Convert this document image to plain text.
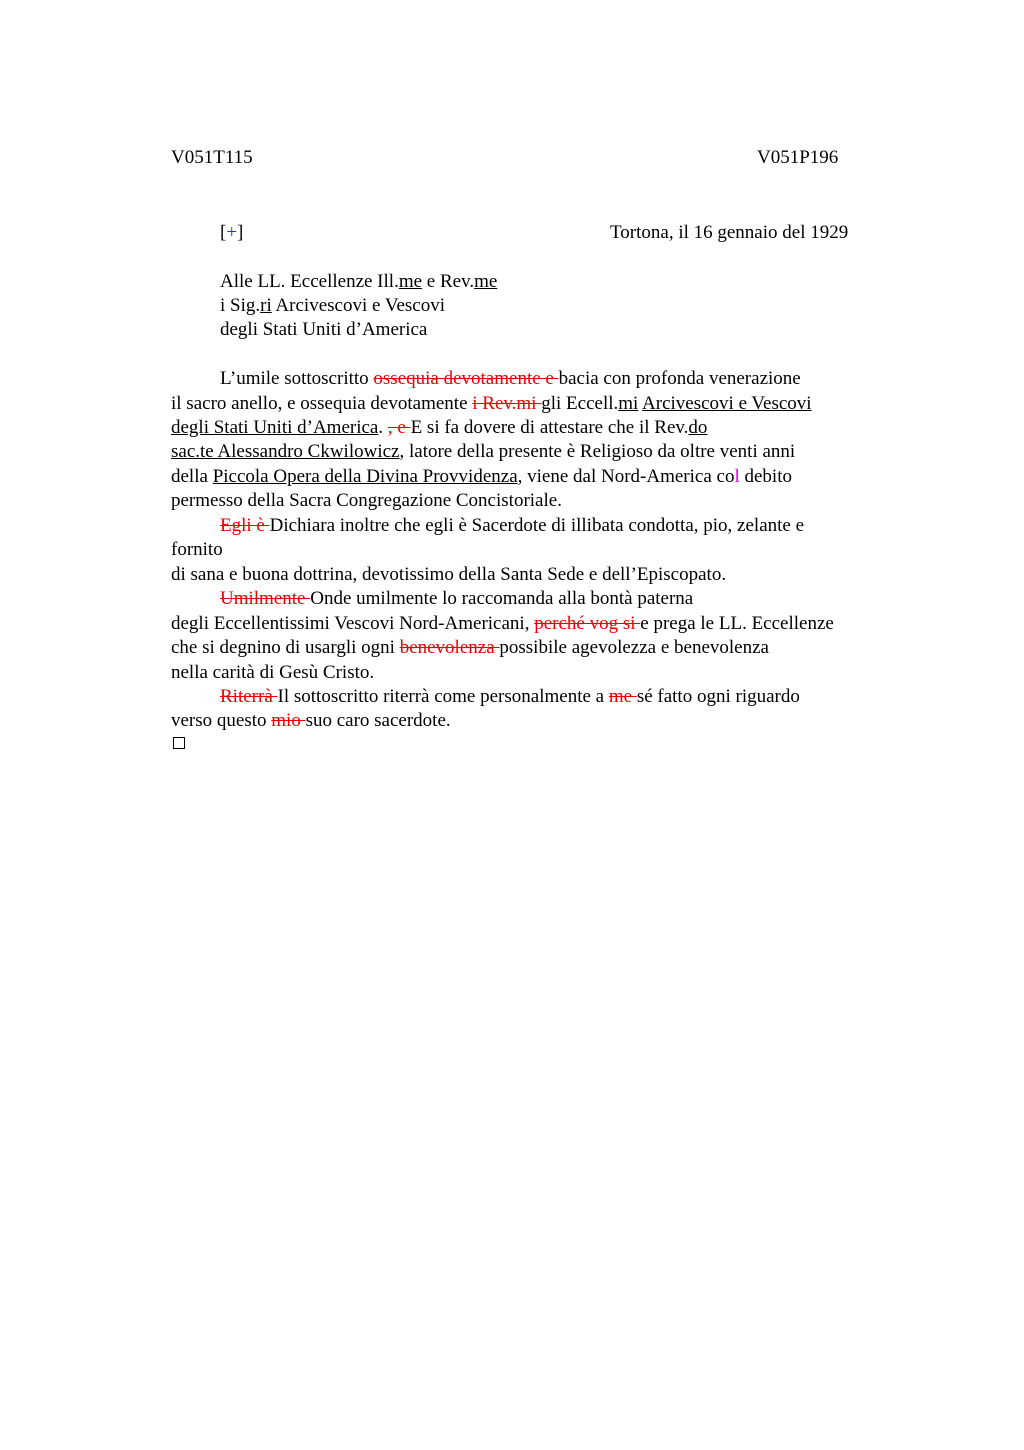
V051T115	V051P196
[+]	Tortona, il 16 gennaio del 1929
Alle LL. Eccellenze Ill.me e Rev.me
i Sig.ri Arcivescovi e Vescovi
degli Stati Uniti d’America
L’umile sottoscritto ossequia devotamente e bacia con profonda venerazione
il sacro anello, e ossequia devotamente i Rev.mi gli Eccell.mi Arcivescovi e Vescovi
degli Stati Uniti d’America. , e E si fa dovere di attestare che il Rev.do
sac.te Alessandro Ckwilowicz, latore della presente è Religioso da oltre venti anni
della Piccola Opera della Divina Provvidenza, viene dal Nord-America col debito
permesso della Sacra Congregazione Concistoriale.
Egli è Dichiara inoltre che egli è Sacerdote di illibata condotta, pio, zelante e
fornito
di sana e buona dottrina, devotissimo della Santa Sede e dell’Episcopato.
Umilmente Onde umilmente lo raccomanda alla bontà paterna
degli Eccellentissimi Vescovi Nord-Americani, perché vog si e prega le LL. Eccellenze
che si degnino di usargli ogni benevolenza possibile agevolezza e benevolenza
nella carità di Gesù Cristo.
Riterrà Il sottoscritto riterrà come personalmente a me sé fatto ogni riguardo
verso questo mio suo caro sacerdote.
